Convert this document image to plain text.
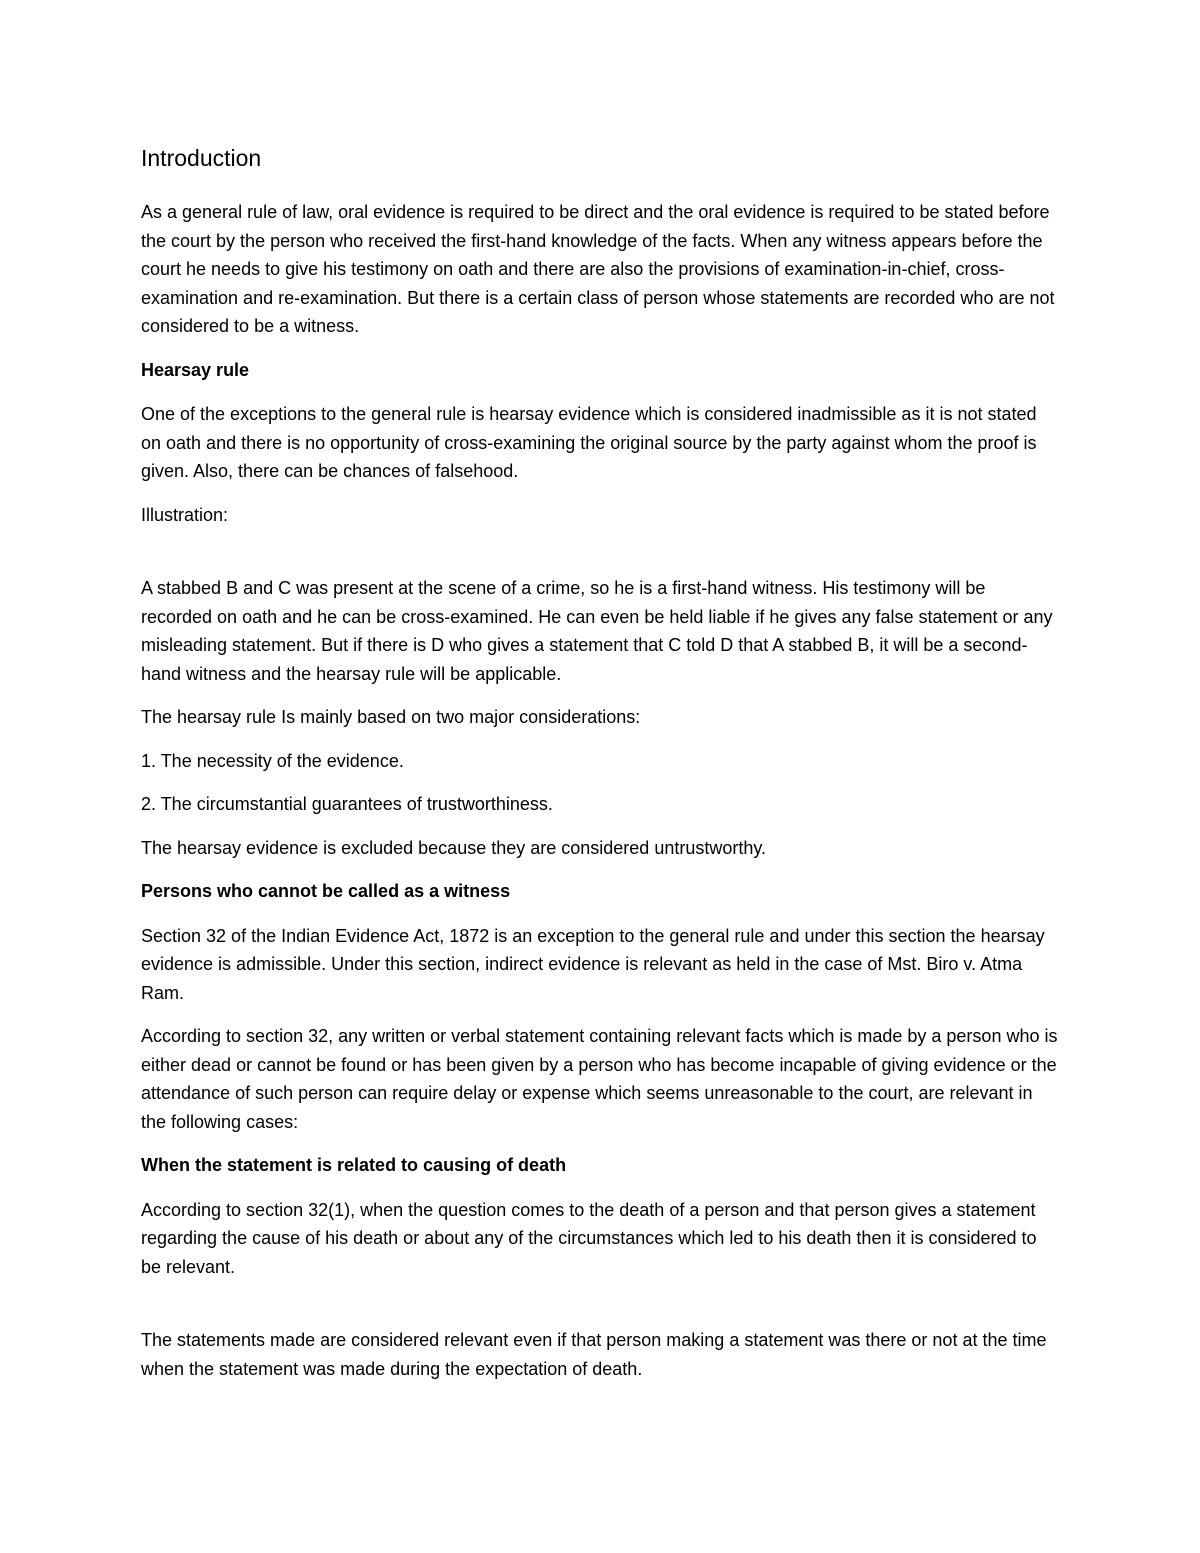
Introduction

As a general rule of law, oral evidence is required to be direct and the oral evidence is required to be stated before the court by the person who received the first-hand knowledge of the facts. When any witness appears before the court he needs to give his testimony on oath and there are also the provisions of examination-in-chief, cross-examination and re-examination. But there is a certain class of person whose statements are recorded who are not considered to be a witness.

Hearsay rule

One of the exceptions to the general rule is hearsay evidence which is considered inadmissible as it is not stated on oath and there is no opportunity of cross-examining the original source by the party against whom the proof is given. Also, there can be chances of falsehood.

Illustration:

A stabbed B and C was present at the scene of a crime, so he is a first-hand witness. His testimony will be recorded on oath and he can be cross-examined. He can even be held liable if he gives any false statement or any misleading statement. But if there is D who gives a statement that C told D that A stabbed B, it will be a second-hand witness and the hearsay rule will be applicable.

The hearsay rule Is mainly based on two major considerations:

1. The necessity of the evidence.

2. The circumstantial guarantees of trustworthiness.

The hearsay evidence is excluded because they are considered untrustworthy.

Persons who cannot be called as a witness

Section 32 of the Indian Evidence Act, 1872 is an exception to the general rule and under this section the hearsay evidence is admissible. Under this section, indirect evidence is relevant as held in the case of Mst. Biro v. Atma Ram.

According to section 32, any written or verbal statement containing relevant facts which is made by a person who is either dead or cannot be found or has been given by a person who has become incapable of giving evidence or the attendance of such person can require delay or expense which seems unreasonable to the court, are relevant in the following cases:

When the statement is related to causing of death

According to section 32(1), when the question comes to the death of a person and that person gives a statement regarding the cause of his death or about any of the circumstances which led to his death then it is considered to be relevant.

The statements made are considered relevant even if that person making a statement was there or not at the time when the statement was made during the expectation of death.
